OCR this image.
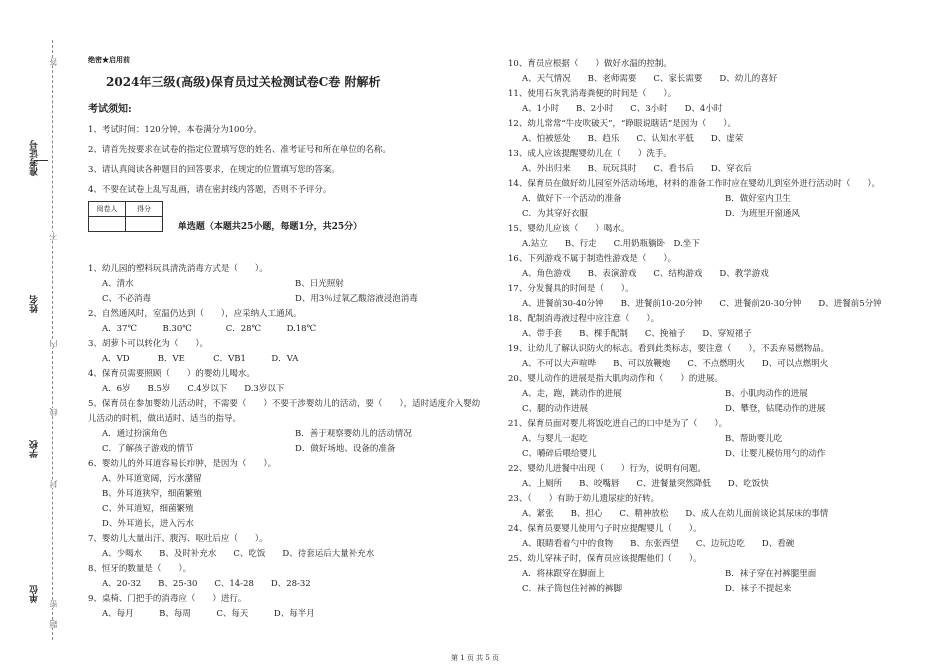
准考证号
姓名
学校
单位
密
不
内
线
封
题
答	绝密★启用前
2024年三级(高级)保育员过关检测试卷C卷 附解析
考试须知:
1、考试时间：120分钟，本卷满分为100分。
2、请首先按要求在试卷的指定位置填写您的姓名、准考证号和所在单位的名称。
3、请认真阅读各种题目的回答要求，在规定的位置填写您的答案。
4、不要在试卷上乱写乱画，请在密封线内答题，否则不予评分。
阅卷人	得分
	单选题（本题共25小题，每题1分，共25分）
1、幼儿园的塑料玩具清洗消毒方式是（　　）。
A、清水	B、日光照射
C、不必消毒	D、用3％过氧乙酸溶液浸泡消毒
2、自然通风时，室温仍达到（　　），应采纳人工通风。
A．37℃　　　B.30℃　　　　C．28℃　　　D.18℃
3、胡萝卜可以转化为（　　）。
A．VD　　　 B．VE　　　 C．VB1　　　D．VA
4、保育员需要照顾（　　）的婴幼儿喝水。
A．6岁　　B.5岁　　C.4岁以下　　D.3岁以下
5、保育员在参加婴幼儿活动时，不需要（　　）不要干涉婴幼儿的活动，要（　　），适时适度介入婴幼儿活动的时机，做出适时、适当的指导。
A．通过扮演角色	B．善于观察婴幼儿的活动情况
C．了解孩子游戏的情节	D．做好场地、设备的准备
6、婴幼儿的外耳道容易长疖肿，是因为（　　）。
A、外耳道宽阔，污水潴留
B、外耳道狭窄，细菌繁殖
C、外耳道短，细菌繁殖
D、外耳道长，进入污水
7、婴幼儿大量出汗、腹泻、呕吐后应（　　）。
A、少喝水　　B、及时补充水　　C、吃饭　　D、待套运后大量补充水
8、恒牙的数量是（　　）。
A、20-32　　B、25-30　　C、14-28　　D、28-32
9、桌椅、门把手的消毒应（　　）进行。
A、每月　　　B、每周　　　C、每天　　　D、每半月
10、育员应根据（　　）做好水温的控制。
A、天气情况　　B、老师需要　　C、家长需要　　D、幼儿的喜好
11、使用石灰乳消毒粪便的时间是（　　）。
A、1小时　　B、2小时　　C、3小时　　D、4小时
12、幼儿常常“牛皮吹破天”，“睁眼说瞎话”是因为（　　）。
A、怕被惩处　　B、趋乐　　C、认知水平低　　D、虚荣
13、成人应该提醒婴幼儿在（　　）洗手。
A、外出归来　　B、玩玩具时　　C、看书后　　D、穿衣后
14、保育员在做好幼儿园室外活动场地，材料的准备工作时应在婴幼儿到室外进行活动时（　　）。
A．做好下一个活动的准备	B．做好室内卫生
C．为其穿好衣服	D．为班里开窗通风
15、婴幼儿应该（　　）喝水。
A.站立　　B、行走　　C.用奶瓶躺卧　D.坐下
16、下列游戏不属于制造性游戏是（　　）。
A、角色游戏　　B、表演游戏　　C、结构游戏　　D、教学游戏
17、分发餐具的时间是（　　）。
A、进餐前30-40分钟　　B、进餐前10-20分钟　　C、进餐前20-30分钟　　D、进餐前5分钟
18、配制消毒液过程中应注意（　　）。
A、带手套　　B、棵手配制　　C、挽袖子　　D、穿短裙子
19、让幼儿了解认识防火的标志。看到此类标志，要注意（　　），不丢弃易燃物品。
A、不可以大声喧哗　　B、可以放鞭炮　　C、不点燃明火　　D、可以点燃明火
20、婴儿动作的进展是指大肌肉动作和（　　）的进展。
A、走，跑，跳动作的进展	B、小肌肉动作的进展
C、腿的动作进展	D、攀登，钻爬动作的进展
21、保育员面对婴儿将饭吃进自己的口中是为了（　　）。
A、与婴儿一起吃	B、帮助婴儿吃
C、嚼碎后喂给婴儿	D、让婴儿模仿用勺的动作
22、婴幼儿进餐中出现（　　）行为，说明有问题。
A、上厕所　　B、咬嘴唇　　C、进餐量突然降低　　D、吃饭快
23、（　　）有助于幼儿遗尿症的好转。
A、紧张　　B、担心　　C、精神放松　　D、成人在幼儿面前谈论其尿床的事情
24、保育员要婴儿使用勺子时应提醒婴儿（　　）。
A、眼睛看着勺中的食物　　B、东张西望　　C、边玩边吃　　D、看碗
25、幼儿穿袜子时，保育员应该提醒他们（　　）。
A．将袜跟穿在脚面上	B．袜子穿在衬裤腿里面
C．袜子筒包住衬裤的裤脚	D．袜子不提起来
第 1 页 共 5 页
